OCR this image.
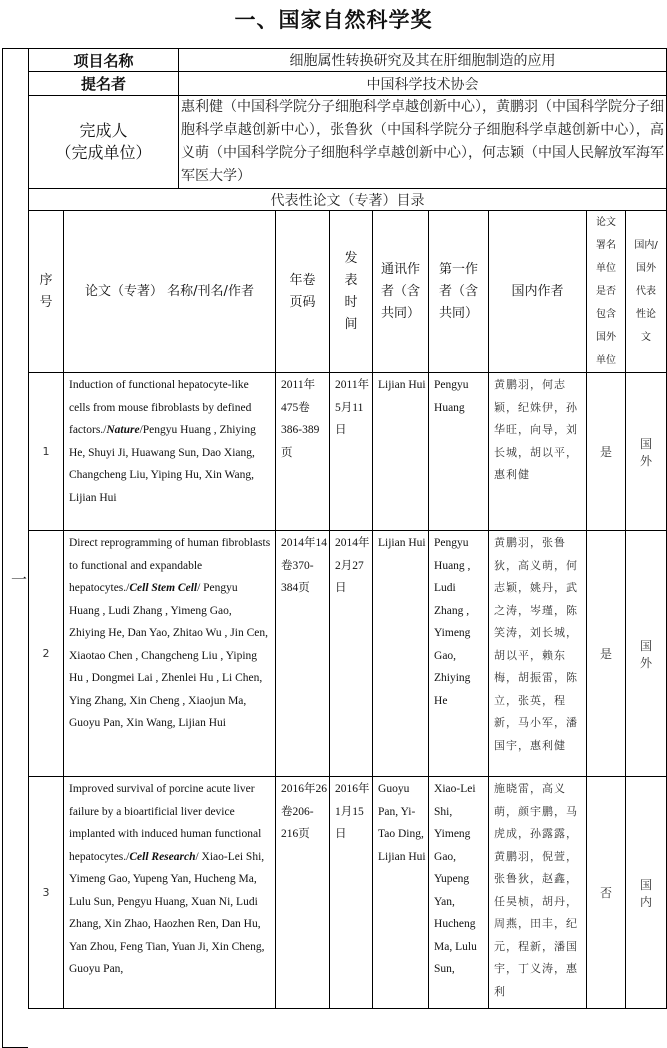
一、国家自然科学奖
一
项目名称		细胞属性转换研究及其在肝细胞制造的应用							
提名者		中国科学技术协会							

完成人
（完成单位）		惠利健（中国科学院分子细胞科学卓越创新中心），黄鹏羽（中国科学院分子细胞科学卓越创新中心），张鲁狄（中国科学院分子细胞科学卓越创新中心），高义萌（中国科学院分子细胞科学卓越创新中心），何志颖（中国人民解放军海军军医大学）							
代表性论文（专著）目录									
序号	论文（专著） 名称/刊名/作者		年卷页码	发表时间	通讯作者（含共同）	第一作者（含共同）	国内作者	论文署名单位是否包含国外单位	国内/国外代表性论文
1	Induction of functional hepatocyte-like cells from mouse fibroblasts by defined factors./Nature/Pengyu Huang , Zhiying He, Shuyi Ji, Huawang Sun, Dao Xiang, Changcheng Liu, Yiping Hu, Xin Wang, Lijian Hui		2011年475卷386-389页	2011年5月11日	Lijian Hui	Pengyu Huang	黄鹏羽，何志颖，纪姝伊，孙华旺，向导，刘长城，胡以平，惠利健	是	国外
2	Direct reprogramming of human fibroblasts to functional and expandable hepatocytes./Cell Stem Cell/ Pengyu Huang , Ludi Zhang , Yimeng Gao, Zhiying He, Dan Yao, Zhitao Wu , Jin Cen, Xiaotao Chen , Changcheng Liu , Yiping Hu , Dongmei Lai , Zhenlei Hu , Li Chen, Ying Zhang, Xin Cheng , Xiaojun Ma, Guoyu Pan, Xin Wang, Lijian Hui		2014年14卷370-384页	2014年2月27日	Lijian Hui	Pengyu Huang , Ludi Zhang , Yimeng Gao, Zhiying He	黄鹏羽，张鲁狄，高义萌，何志颖，姚丹，武之涛，岑瑾，陈笑涛，刘长城，胡以平，赖东梅，胡振雷，陈立，张英，程新，马小军，潘国宇，惠利健	是	国外
3	Improved survival of porcine acute liver failure by a bioartificial liver device implanted with induced human functional hepatocytes./Cell Research/ Xiao-Lei Shi, Yimeng Gao, Yupeng Yan, Hucheng Ma, Lulu Sun, Pengyu Huang, Xuan Ni, Ludi Zhang, Xin Zhao, Haozhen Ren, Dan Hu, Yan Zhou, Feng Tian, Yuan Ji, Xin Cheng, Guoyu Pan,		2016年26卷206-216页	2016年1月15日	Guoyu Pan, Yi-Tao Ding, Lijian Hui	Xiao-Lei Shi, Yimeng Gao, Yupeng Yan, Hucheng Ma, Lulu Sun,	施晓雷，高义萌，颜宇鹏，马虎成，孙露露，黄鹏羽，倪萱，张鲁狄，赵鑫，任昊桢，胡丹，周燕，田丰，纪元，程新，潘国宇，丁义涛，惠利	否	国内
